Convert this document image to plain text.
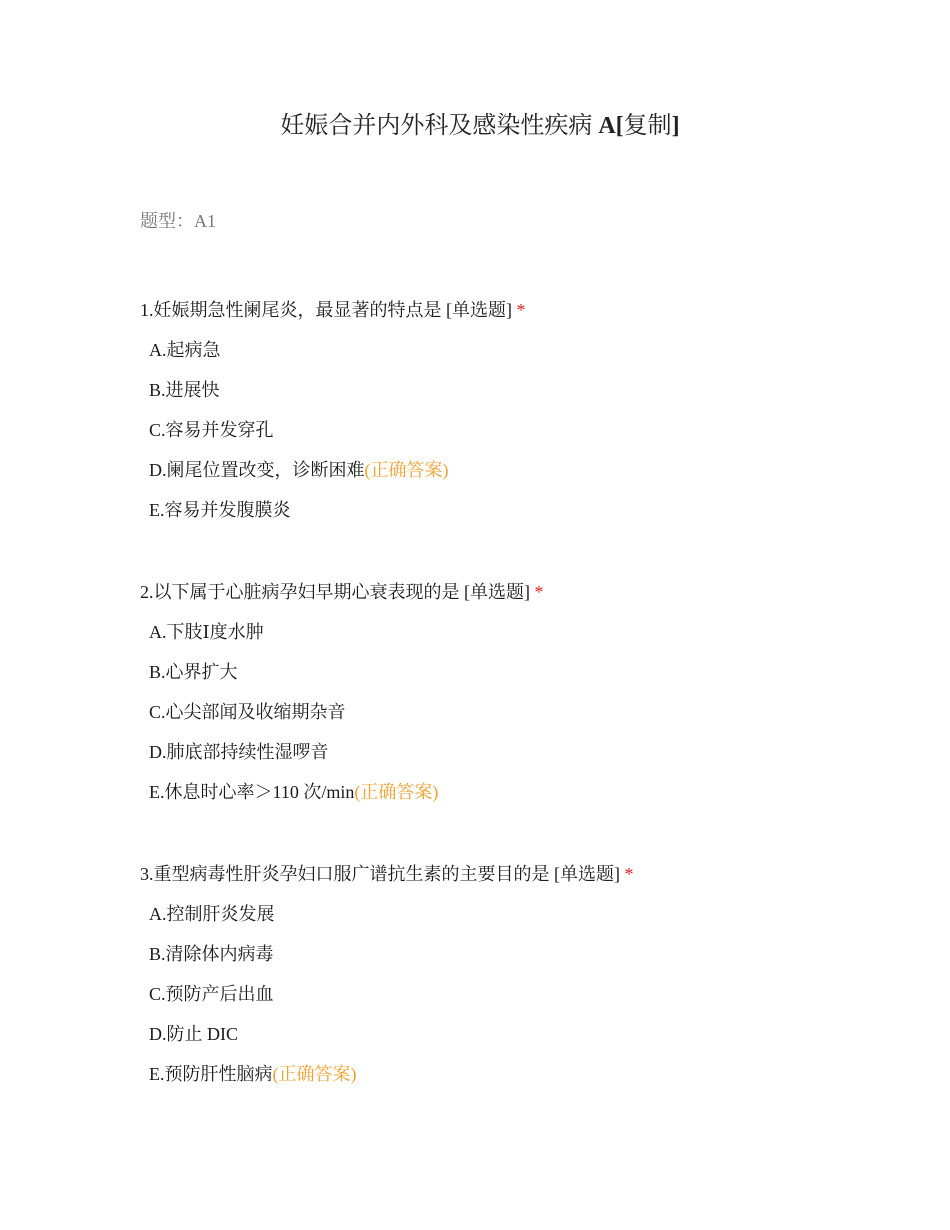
妊娠合并内外科及感染性疾病 A[复制]
题型：A1
1.妊娠期急性阑尾炎，最显著的特点是 [单选题] *
A.起病急
B.进展快
C.容易并发穿孔
D.阑尾位置改变，诊断困难(正确答案)
E.容易并发腹膜炎
2.以下属于心脏病孕妇早期心衰表现的是 [单选题] *
A.下肢Ⅰ度水肿
B.心界扩大
C.心尖部闻及收缩期杂音
D.肺底部持续性湿啰音
E.休息时心率＞110 次/min(正确答案)
3.重型病毒性肝炎孕妇口服广谱抗生素的主要目的是 [单选题] *
A.控制肝炎发展
B.清除体内病毒
C.预防产后出血
D.防止 DIC
E.预防肝性脑病(正确答案)
